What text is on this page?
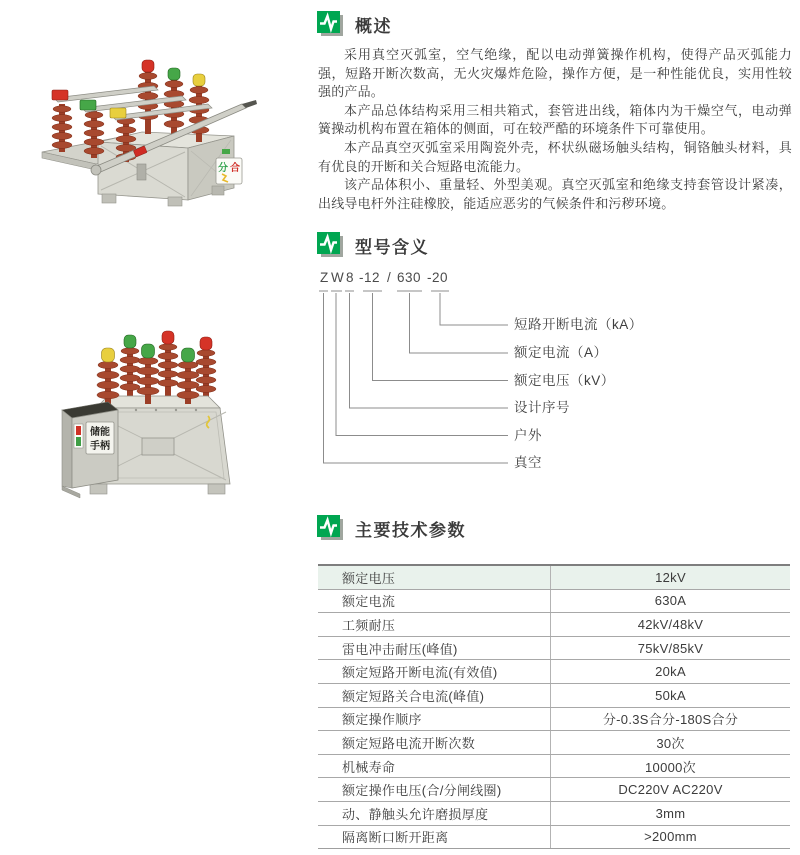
分 合
储能
手柄
概述

采用真空灭弧室，空气绝缘，配以电动弹簧操作机构，使得产品灭弧能力强，短路开断次数高，无火灾爆炸危险，操作方便，是一种性能优良，实用性较强的产品。

本产品总体结构采用三相共箱式，套管进出线，箱体内为干燥空气，电动弹簧操动机构布置在箱体的侧面，可在较严酷的环境条件下可靠使用。

本产品真空灭弧室采用陶瓷外壳，杯状纵磁场触头结构，铜铬触头材料，具有优良的开断和关合短路电流能力。

该产品体积小、重量轻、外型美观。真空灭弧室和绝缘支持套管设计紧凑，出线导电杆外注硅橡胶，能适应恶劣的气候条件和污秽环境。

型号含义
Z W 8 -12 / 630 -20
短路开断电流（kA）
额定电流（A）
额定电压（kV）
设计序号
户外
真空
主要技术参数
额定电压	12kV
额定电流	630A
工频耐压	42kV/48kV
雷电冲击耐压(峰值)	75kV/85kV
额定短路开断电流(有效值)	20kA
额定短路关合电流(峰值)	50kA
额定操作顺序	分-0.3S合分-180S合分
额定短路电流开断次数	30次
机械寿命	10000次
额定操作电压(合/分闸线圈)	DC220V AC220V
动、静触头允许磨损厚度	3mm
隔离断口断开距离	>200mm
